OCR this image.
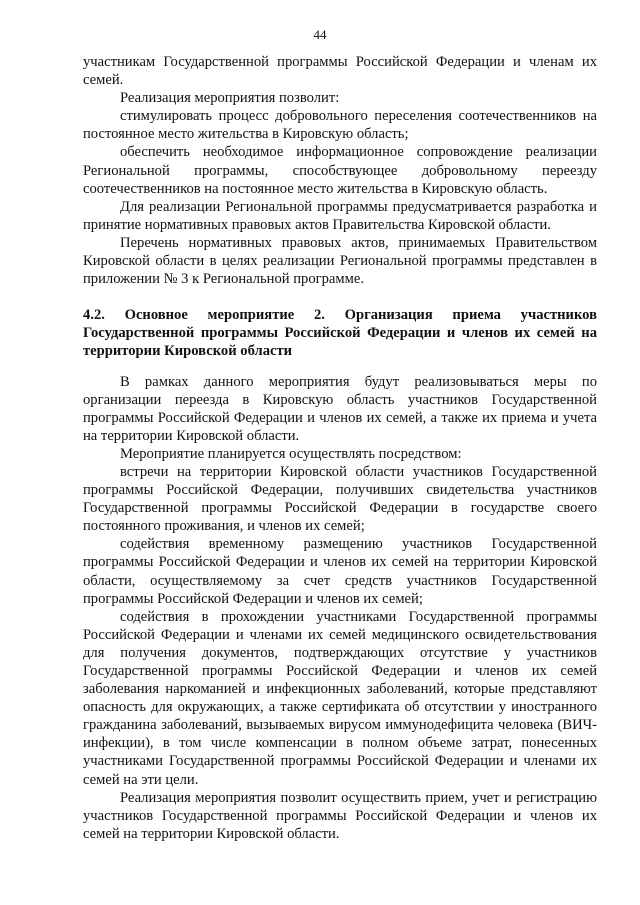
44

участникам Государственной программы Российской Федерации и членам их семей.

Реализация мероприятия позволит:

стимулировать процесс добровольного переселения соотечественников на постоянное место жительства в Кировскую область;

обеспечить необходимое информационное сопровождение реализации Региональной программы, способствующее добровольному переезду соотечественников на постоянное место жительства в Кировскую область.

Для реализации Региональной программы предусматривается разработка и принятие нормативных правовых актов Правительства Кировской области.

Перечень нормативных правовых актов, принимаемых Правительством Кировской области в целях реализации Региональной программы представлен в приложении № 3 к Региональной программе.

4.2. Основное мероприятие 2. Организация приема участников Государственной программы Российской Федерации и членов их семей на территории Кировской области

В рамках данного мероприятия будут реализовываться меры по организации переезда в Кировскую область участников Государственной программы Российской Федерации и членов их семей, а также их приема и учета на территории Кировской области.

Мероприятие планируется осуществлять посредством:

встречи на территории Кировской области участников Государственной программы Российской Федерации, получивших свидетельства участников Государственной программы Российской Федерации в государстве своего постоянного проживания, и членов их семей;

содействия временному размещению участников Государственной программы Российской Федерации и членов их семей на территории Кировской области, осуществляемому за счет средств участников Государственной программы Российской Федерации и членов их семей;

содействия в прохождении участниками Государственной программы Российской Федерации и членами их семей медицинского освидетельствования для получения документов, подтверждающих отсутствие у участников Государственной программы Российской Федерации и членов их семей заболевания наркоманией и инфекционных заболеваний, которые представляют опасность для окружающих, а также сертификата об отсутствии у иностранного гражданина заболеваний, вызываемых вирусом иммунодефицита человека (ВИЧ-инфекции), в том числе компенсации в полном объеме затрат, понесенных участниками Государственной программы Российской Федерации и членами их семей на эти цели.

Реализация мероприятия позволит осуществить прием, учет и регистрацию участников Государственной программы Российской Федерации и членов их семей на территории Кировской области.
